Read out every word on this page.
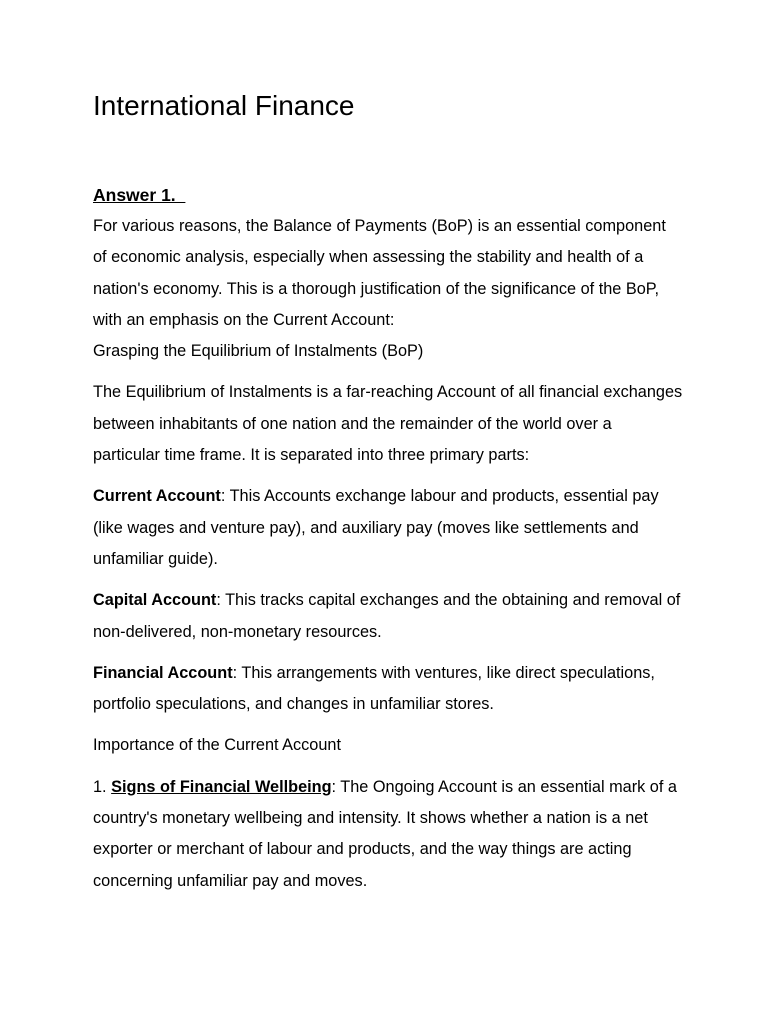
International Finance
Answer 1.

For various reasons, the Balance of Payments (BoP) is an essential component of economic analysis, especially when assessing the stability and health of a nation's economy. This is a thorough justification of the significance of the BoP, with an emphasis on the Current Account:

Grasping the Equilibrium of Instalments (BoP)

The Equilibrium of Instalments is a far-reaching Account of all financial exchanges between inhabitants of one nation and the remainder of the world over a particular time frame. It is separated into three primary parts:

Current Account: This Accounts exchange labour and products, essential pay (like wages and venture pay), and auxiliary pay (moves like settlements and unfamiliar guide).

Capital Account: This tracks capital exchanges and the obtaining and removal of non-delivered, non-monetary resources.

Financial Account: This arrangements with ventures, like direct speculations, portfolio speculations, and changes in unfamiliar stores.

Importance of the Current Account

1. Signs of Financial Wellbeing: The Ongoing Account is an essential mark of a country's monetary wellbeing and intensity. It shows whether a nation is a net exporter or merchant of labour and products, and the way things are acting concerning unfamiliar pay and moves.
